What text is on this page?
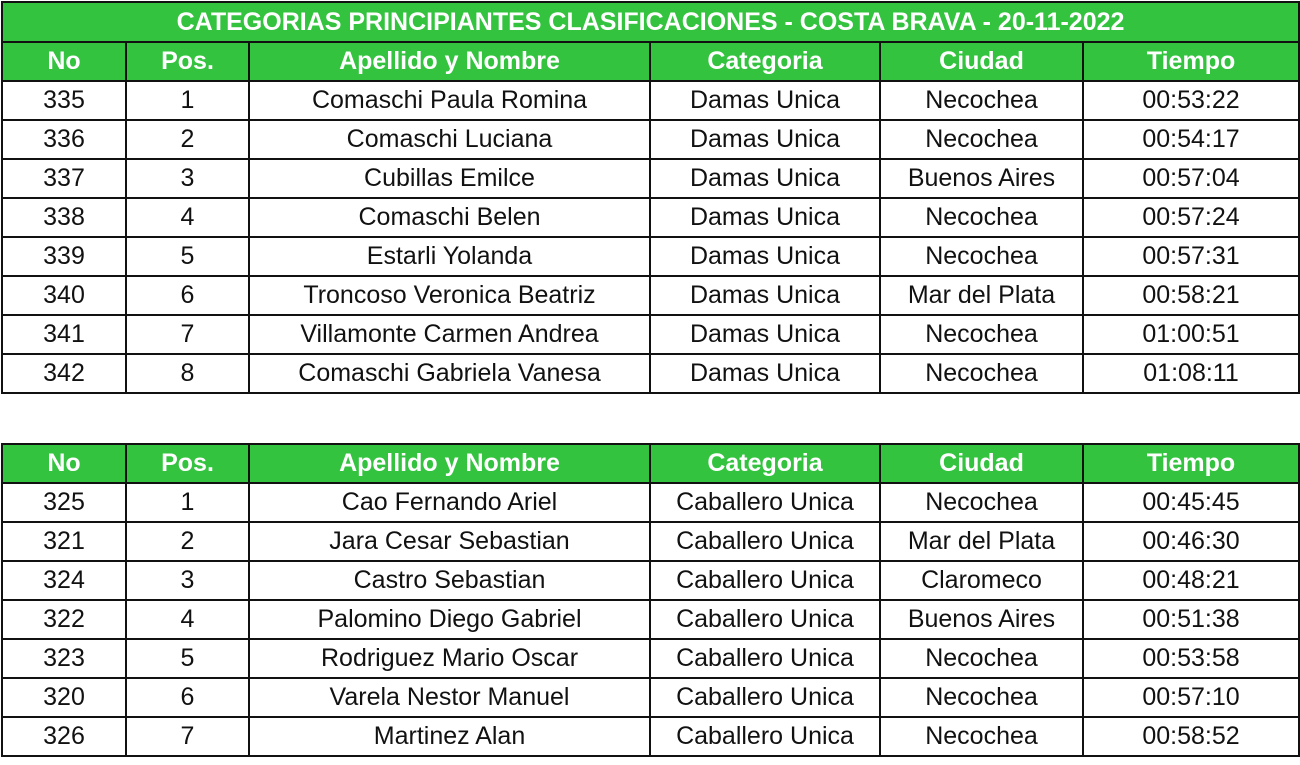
CATEGORIAS PRINCIPIANTES CLASIFICACIONES - COSTA BRAVA - 20-11-2022					
No	Pos.	Apellido y Nombre	Categoria	Ciudad	Tiempo
335	1	Comaschi Paula Romina	Damas Unica	Necochea	00:53:22
336	2	Comaschi Luciana	Damas Unica	Necochea	00:54:17
337	3	Cubillas Emilce	Damas Unica	Buenos Aires	00:57:04
338	4	Comaschi Belen	Damas Unica	Necochea	00:57:24
339	5	Estarli Yolanda	Damas Unica	Necochea	00:57:31
340	6	Troncoso Veronica Beatriz	Damas Unica	Mar del Plata	00:58:21
341	7	Villamonte Carmen Andrea	Damas Unica	Necochea	01:00:51
342	8	Comaschi Gabriela Vanesa	Damas Unica	Necochea	01:08:11
No	Pos.	Apellido y Nombre	Categoria	Ciudad	Tiempo
325	1	Cao Fernando Ariel	Caballero Unica	Necochea	00:45:45
321	2	Jara Cesar Sebastian	Caballero Unica	Mar del Plata	00:46:30
324	3	Castro Sebastian	Caballero Unica	Claromeco	00:48:21
322	4	Palomino Diego Gabriel	Caballero Unica	Buenos Aires	00:51:38
323	5	Rodriguez Mario Oscar	Caballero Unica	Necochea	00:53:58
320	6	Varela Nestor Manuel	Caballero Unica	Necochea	00:57:10
326	7	Martinez Alan	Caballero Unica	Necochea	00:58:52
